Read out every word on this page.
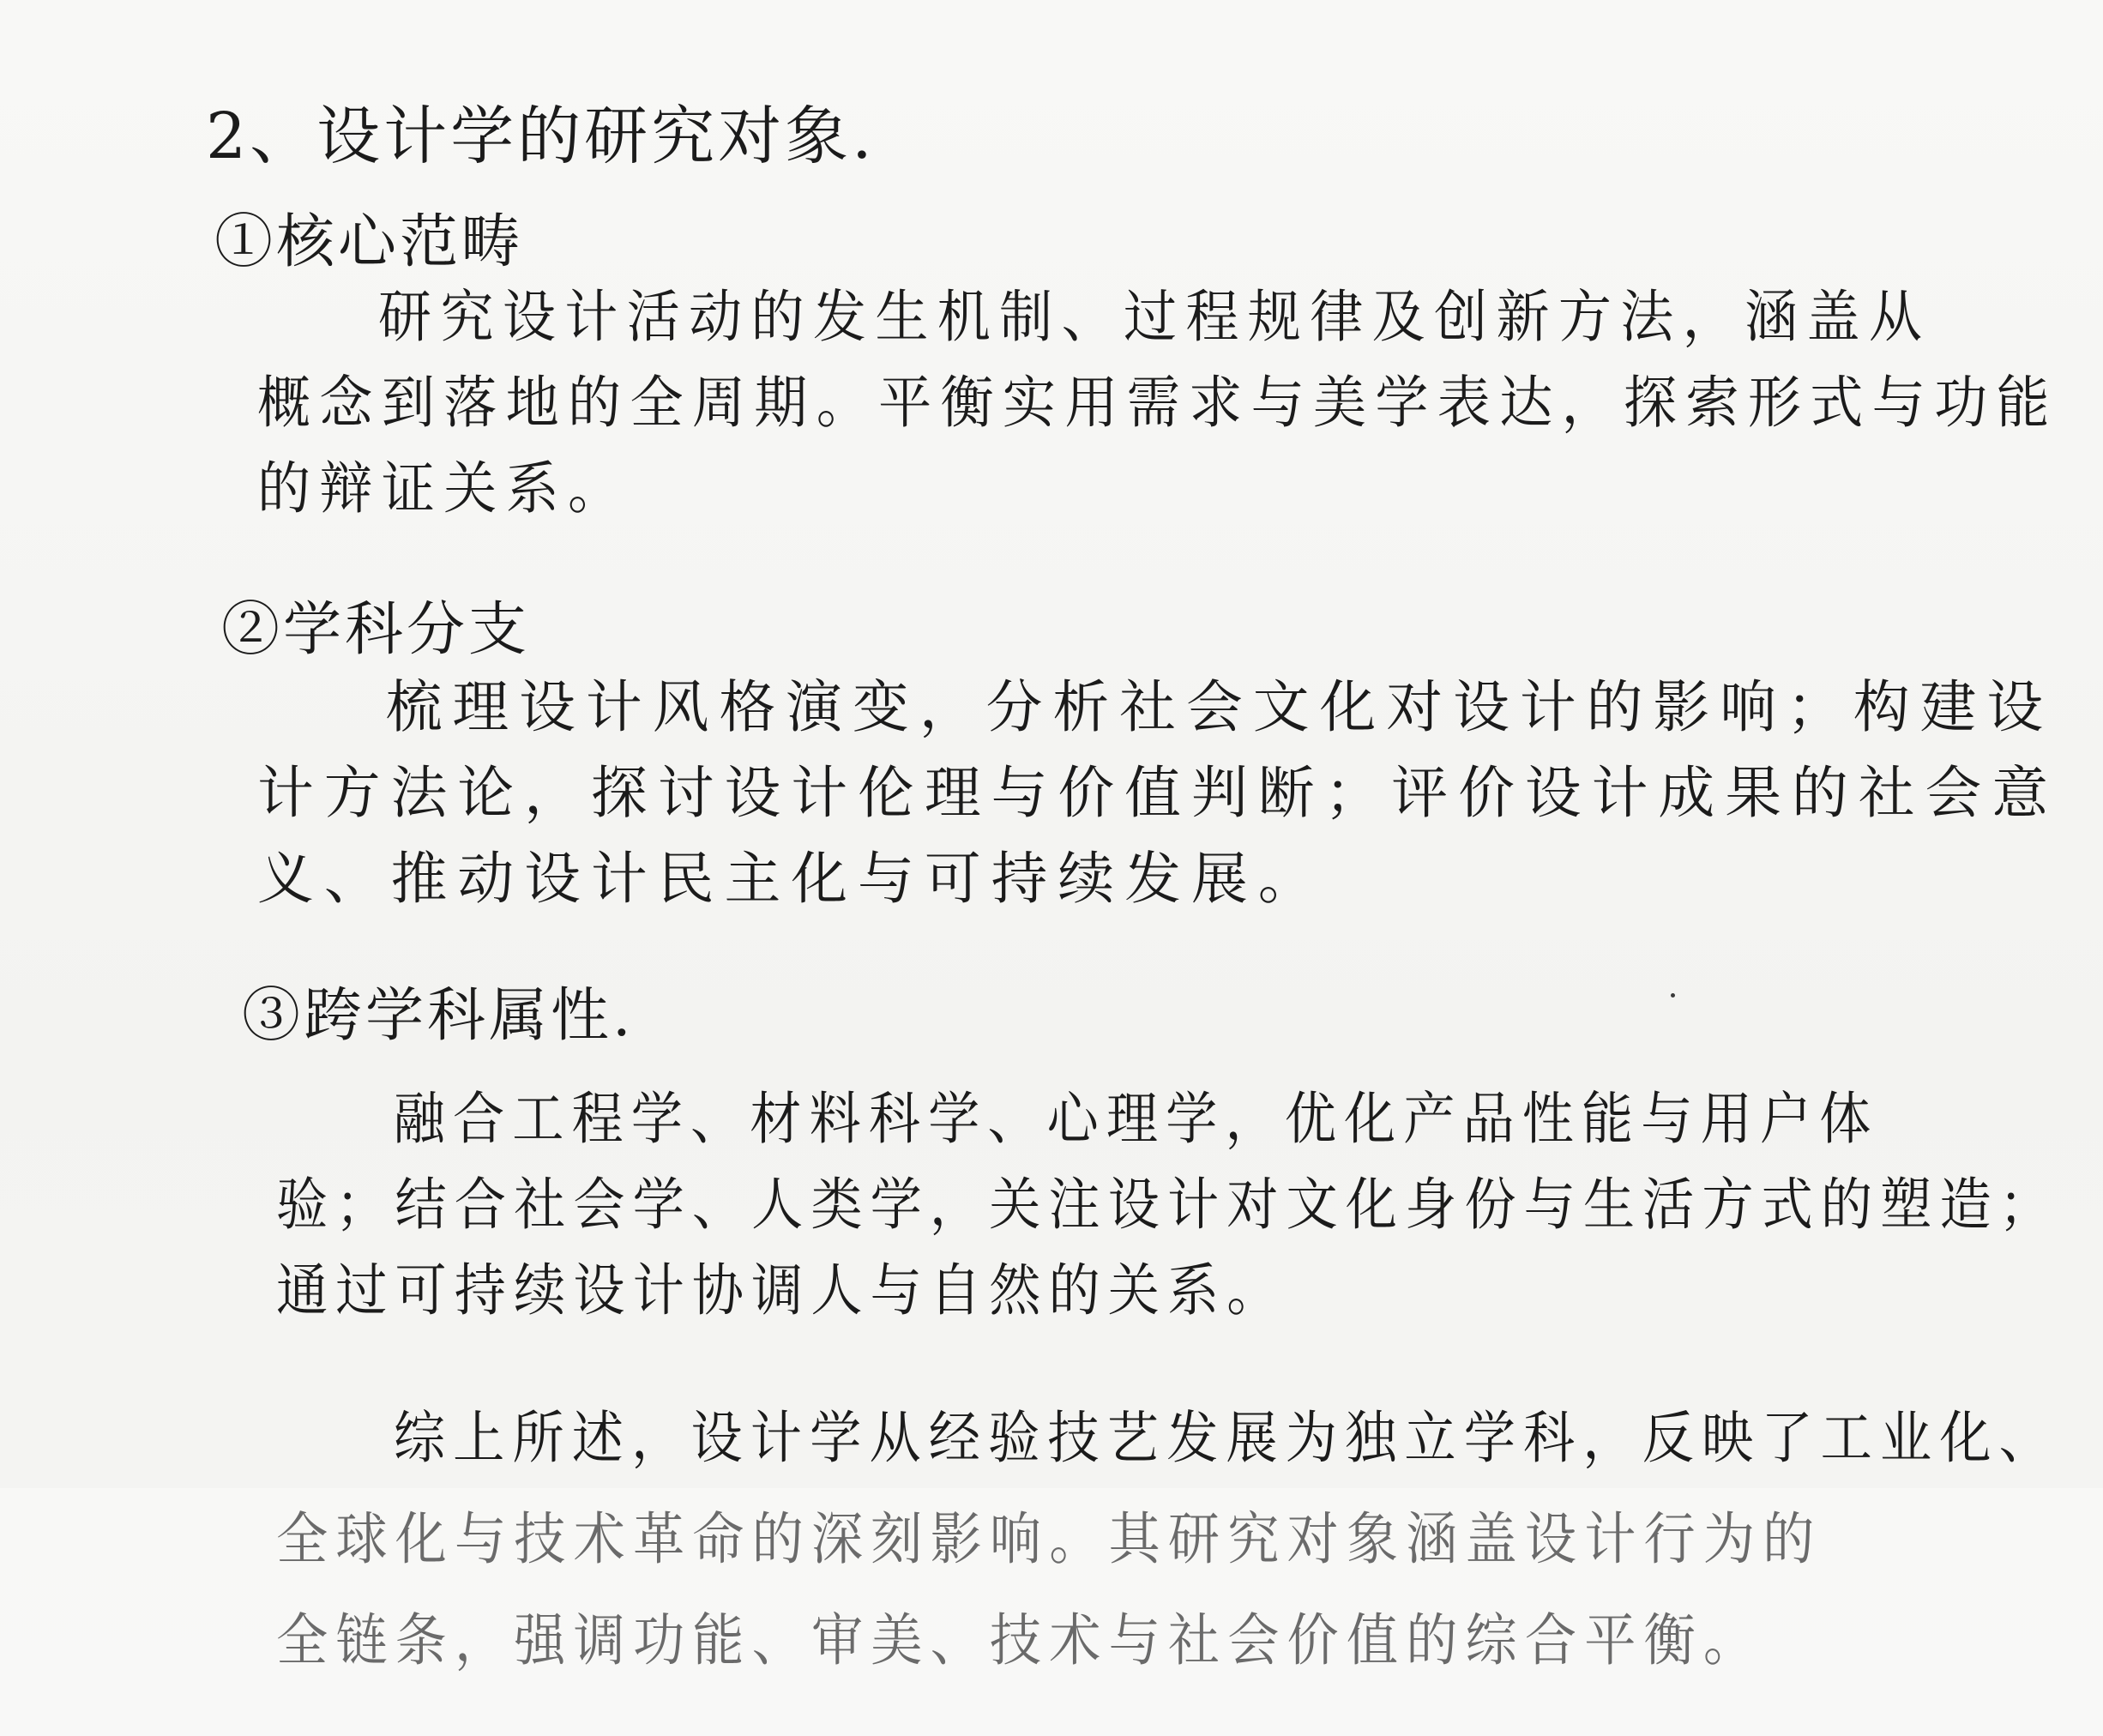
2、设计学的研究对象.
①核心范畴
研究设计活动的发生机制、过程规律及创新方法，涵盖从
概念到落地的全周期。平衡实用需求与美学表达，探索形式与功能
的辩证关系。
②学科分支
梳理设计风格演变，分析社会文化对设计的影响；构建设
计方法论，探讨设计伦理与价值判断；评价设计成果的社会意
义、推动设计民主化与可持续发展。
③跨学科属性.
融合工程学、材料科学、心理学，优化产品性能与用户体
验；结合社会学、人类学，关注设计对文化身份与生活方式的塑造；
通过可持续设计协调人与自然的关系。
综上所述，设计学从经验技艺发展为独立学科，反映了工业化、
全球化与技术革命的深刻影响。其研究对象涵盖设计行为的
全链条，强调功能、审美、技术与社会价值的综合平衡。
